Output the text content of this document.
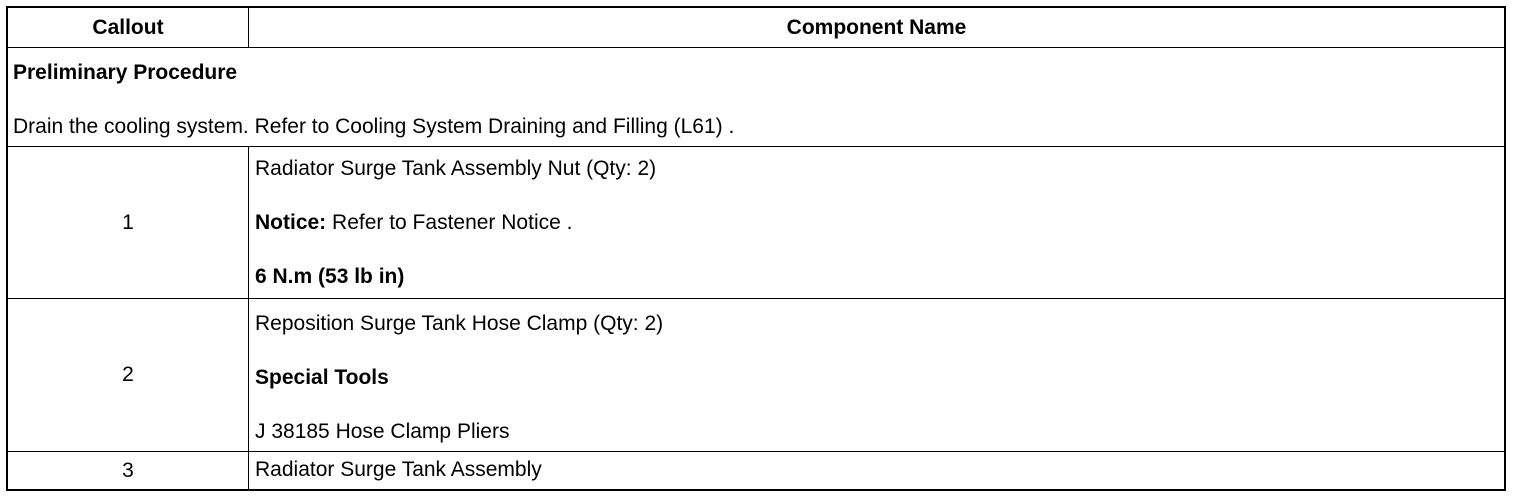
Callout	Component Name
Preliminary Procedure
Drain the cooling system. Refer to Cooling System Draining and Filling (L61) .
1
Radiator Surge Tank Assembly Nut (Qty: 2)
Notice: Refer to Fastener Notice .
6 N.m (53 lb in)
2
Reposition Surge Tank Hose Clamp (Qty: 2)
Special Tools
J 38185 Hose Clamp Pliers
3	Radiator Surge Tank Assembly
